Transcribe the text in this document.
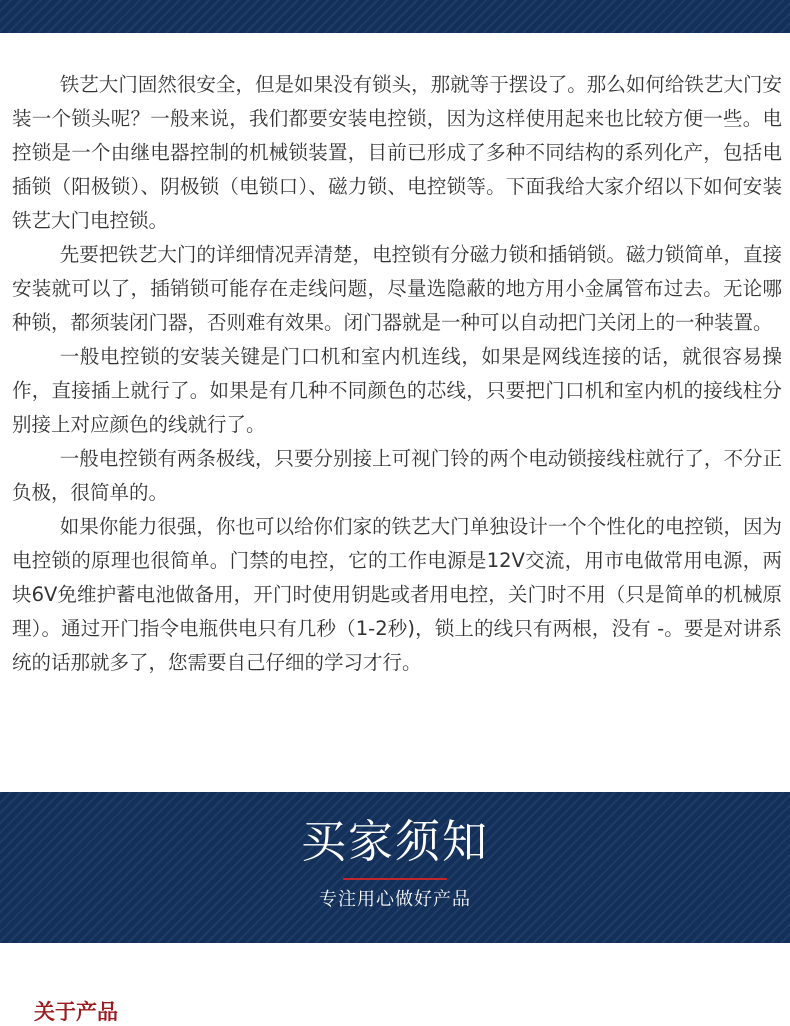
铁艺大门固然很安全，但是如果没有锁头，那就等于摆设了。那么如何给铁艺大门安装一个锁头呢？一般来说，我们都要安装电控锁，因为这样使用起来也比较方便一些。电控锁是一个由继电器控制的机械锁装置，目前已形成了多种不同结构的系列化产，包括电插锁（阳极锁）、阴极锁（电锁口）、磁力锁、电控锁等。下面我给大家介绍以下如何安装铁艺大门电控锁。

先要把铁艺大门的详细情况弄清楚，电控锁有分磁力锁和插销锁。磁力锁简单，直接安装就可以了，插销锁可能存在走线问题，尽量选隐蔽的地方用小金属管布过去。无论哪种锁，都须装闭门器，否则难有效果。闭门器就是一种可以自动把门关闭上的一种装置。

一般电控锁的安装关键是门口机和室内机连线，如果是网线连接的话，就很容易操作，直接插上就行了。如果是有几种不同颜色的芯线，只要把门口机和室内机的接线柱分别接上对应颜色的线就行了。

一般电控锁有两条极线，只要分别接上可视门铃的两个电动锁接线柱就行了，不分正负极，很简单的。

如果你能力很强，你也可以给你们家的铁艺大门单独设计一个个性化的电控锁，因为电控锁的原理也很简单。门禁的电控，它的工作电源是12V交流，用市电做常用电源，两块6V免维护蓄电池做备用，开门时使用钥匙或者用电控，关门时不用（只是简单的机械原理）。通过开门指令电瓶供电只有几秒（1-2秒)，锁上的线只有两根，没有 -。要是对讲系统的话那就多了，您需要自己仔细的学习才行。

买家须知
专注用心做好产品
关于产品
